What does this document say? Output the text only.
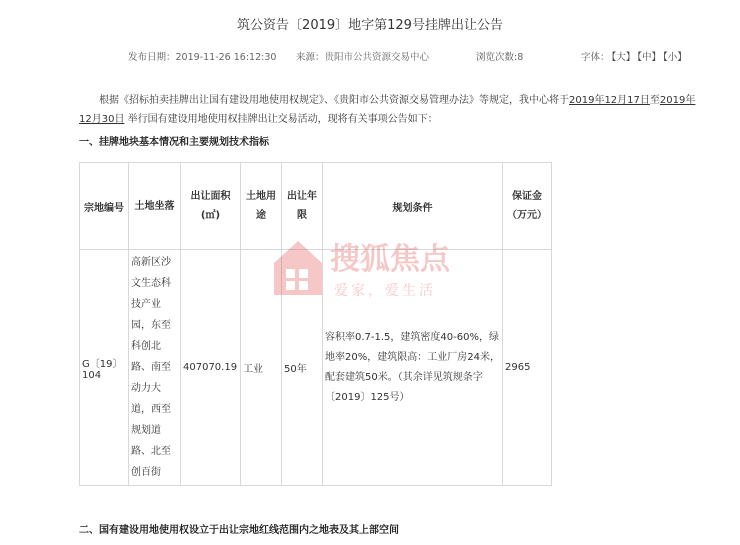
筑公资告〔2019〕地字第129号挂牌出让公告
发布日期：2019-11-26 16:12:30 来源：贵阳市公共资源交易中心	浏览次数:8	字体： 【大】 【中】 【小】
根据《招标拍卖挂牌出让国有建设用地使用权规定》、《贵阳市公共资源交易管理办法》等规定，我中心将于2019年12月17日至2019年12月30日 举行国有建设用地使用权挂牌出让交易活动，现将有关事项公告如下：
一、挂牌地块基本情况和主要规划技术指标
宗地编号	土地坐落	出让面积(㎡)	土地用途	出让年限	规划条件	保证金（万元）
G〔19〕104	高新区沙文生态科技产业园，东至科创北路、南至动力大道，西至规划道路、北至创百街	407070.19	工业	50年	容积率0.7-1.5，建筑密度40-60%，绿地率20%，建筑限高：工业厂房24米，配套建筑50米。（其余详见筑规条字〔2019〕125号）	2965
搜狐焦点
爱家，爱生活
二、国有建设用地使用权设立于出让宗地红线范围内之地表及其上部空间
